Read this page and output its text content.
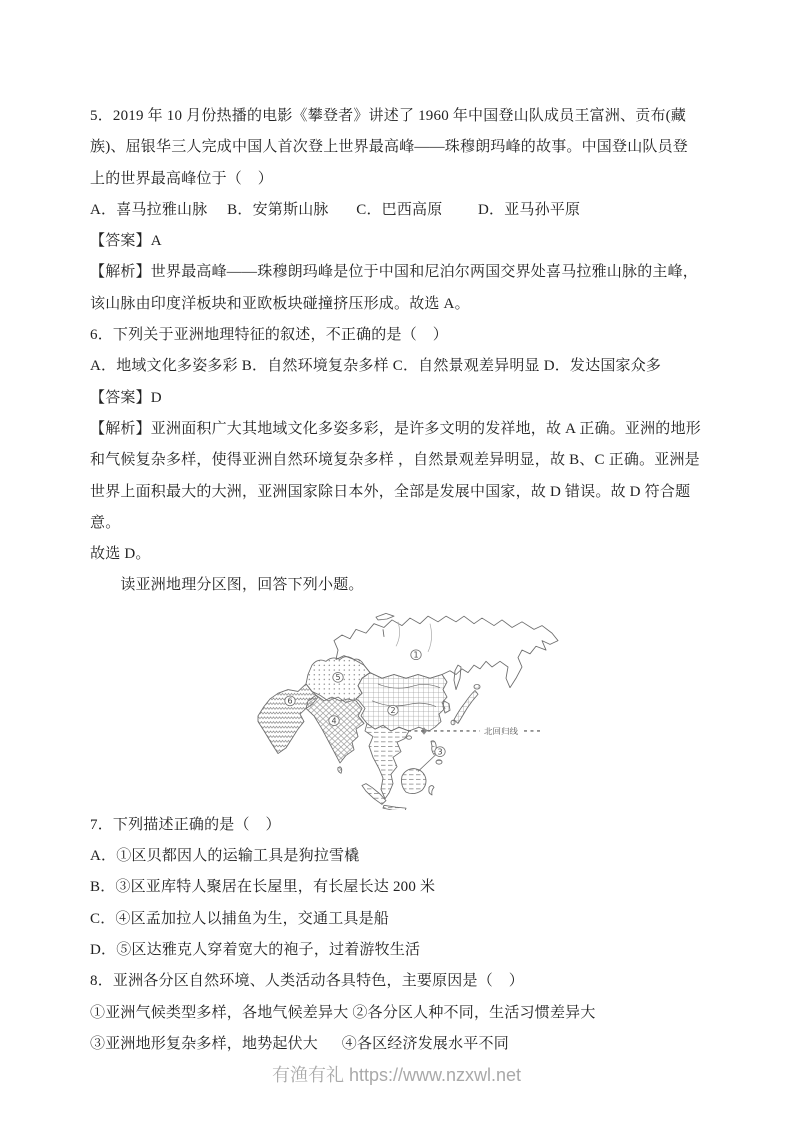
5．2019 年 10 月份热播的电影《攀登者》讲述了 1960 年中国登山队成员王富洲、贡布(藏
族)、屈银华三人完成中国人首次登上世界最高峰——珠穆朗玛峰的故事。中国登山队员登
上的世界最高峰位于（    ）
A．喜马拉雅山脉     B．安第斯山脉       C．巴西高原         D．亚马孙平原
【答案】A
【解析】世界最高峰——珠穆朗玛峰是位于中国和尼泊尔两国交界处喜马拉雅山脉的主峰，
该山脉由印度洋板块和亚欧板块碰撞挤压形成。故选 A。
6．下列关于亚洲地理特征的叙述，不正确的是（    ）
A．地域文化多姿多彩 B．自然环境复杂多样 C．自然景观差异明显 D．发达国家众多
【答案】D
【解析】亚洲面积广大其地域文化多姿多彩，是许多文明的发祥地，故 A 正确。亚洲的地形
和气候复杂多样，使得亚洲自然环境复杂多样 ，自然景观差异明显，故 B、C 正确。亚洲是
世界上面积最大的大洲，亚洲国家除日本外，全部是发展中国家，故 D 错误。故 D 符合题意。
故选 D。
　　读亚洲地理分区图，回答下列小题。
1
2
3
4
5
6
北回归线
7．下列描述正确的是（    ）
A．①区贝都因人的运输工具是狗拉雪橇
B．③区亚库特人聚居在长屋里，有长屋长达 200 米
C．④区孟加拉人以捕鱼为生，交通工具是船
D．⑤区达雅克人穿着宽大的袍子，过着游牧生活
8．亚洲各分区自然环境、人类活动各具特色，主要原因是（    ）
①亚洲气候类型多样，各地气候差异大 ②各分区人种不同，生活习惯差异大
③亚洲地形复杂多样，地势起伏大      ④各区经济发展水平不同
有渔有礼 https://www.nzxwl.net
